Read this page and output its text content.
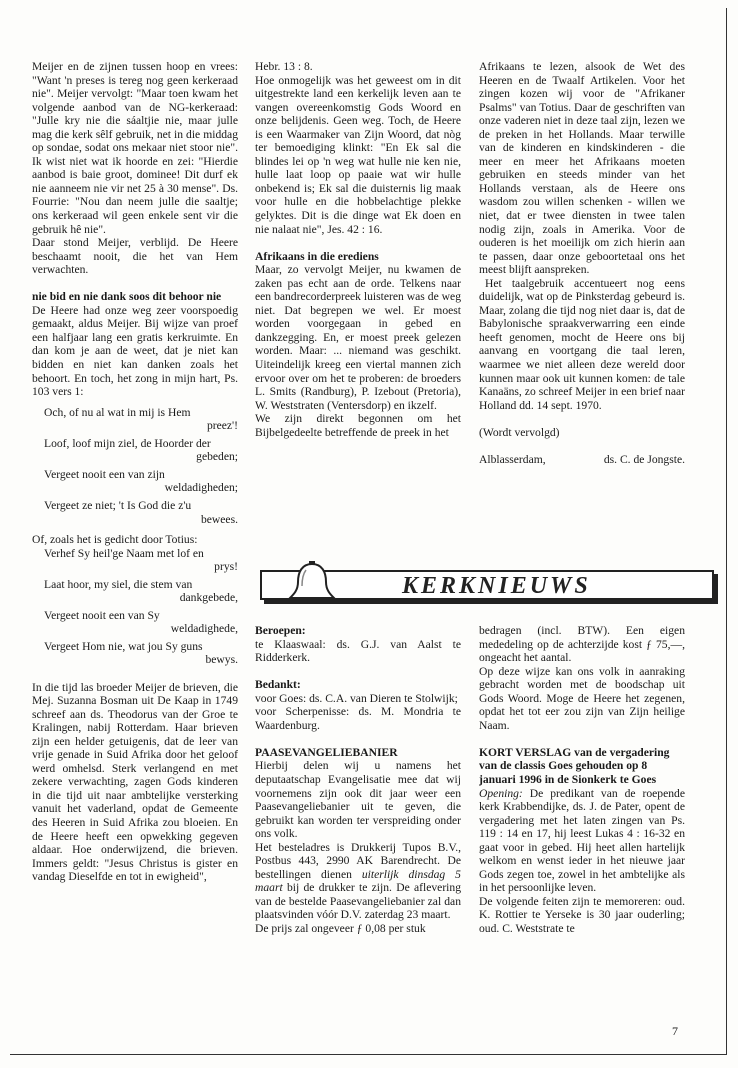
Meijer en de zijnen tussen hoop en vrees: "Want 'n preses is tereg nog geen kerkeraad nie". Meijer vervolgt: "Maar toen kwam het volgende aanbod van de NG-kerkeraad: "Julle kry nie die sáaltjie nie, maar julle mag die kerk sêlf gebruik, net in die middag op sondae, sodat ons mekaar niet stoor nie". Ik wist niet wat ik hoorde en zei: "Hierdie aanbod is baie groot, dominee! Dit durf ek nie aanneem nie vir net 25 à 30 mense". Ds. Fourrie: "Nou dan neem julle die saaltje; ons kerkeraad wil geen enkele sent vir die gebruik hê nie".

Daar stond Meijer, verblijd. De Heere beschaamt nooit, die het van Hem verwachten.

nie bid en nie dank soos dit behoor nie

De Heere had onze weg zeer voorspoedig gemaakt, aldus Meijer. Bij wijze van proef een halfjaar lang een gratis kerkruimte. En dan kom je aan de weet, dat je niet kan bidden en niet kan danken zoals het behoort. En toch, het zong in mijn hart, Ps. 103 vers 1:

Och, of nu al wat in mij is Hem
preez'!
Loof, loof mijn ziel, de Hoorder der
gebeden;
Vergeet nooit een van zijn
weldadigheden;
Vergeet ze niet; 't Is God die z'u
bewees.

Of, zoals het is gedicht door Totius:

Verhef Sy heil'ge Naam met lof en
prys!
Laat hoor, my siel, die stem van
dankgebede,
Vergeet nooit een van Sy
weldadighede,
Vergeet Hom nie, wat jou Sy guns
bewys.

In die tijd las broeder Meijer de brieven, die Mej. Suzanna Bosman uit De Kaap in 1749 schreef aan ds. Theodorus van der Groe te Kralingen, nabij Rotterdam. Haar brieven zijn een helder getuigenis, dat de leer van vrije genade in Suid Afrika door het geloof werd omhelsd. Sterk verlangend en met zekere verwachting, zagen Gods kinderen in die tijd uit naar ambtelijke versterking vanuit het vaderland, opdat de Gemeente des Heeren in Suid Afrika zou bloeien. En de Heere heeft een opwekking gegeven aldaar. Hoe onderwijzend, die brieven. Immers geldt: "Jesus Christus is gister en vandag Dieselfde en tot in ewigheid",

Hebr. 13 : 8.

Hoe onmogelijk was het geweest om in dit uitgestrekte land een kerkelijk leven aan te vangen overeenkomstig Gods Woord en onze belijdenis. Geen weg. Toch, de Heere is een Waarmaker van Zijn Woord, dat nòg ter bemoediging klinkt: "En Ek sal die blindes lei op 'n weg wat hulle nie ken nie, hulle laat loop op paaie wat wir hulle onbekend is; Ek sal die duisternis lig maak voor hulle en die hobbelachtige plekke gelyktes. Dit is die dinge wat Ek doen en nie nalaat nie", Jes. 42 : 16.

Afrikaans in die erediens

Maar, zo vervolgt Meijer, nu kwamen de zaken pas echt aan de orde. Telkens naar een bandrecorderpreek luisteren was de weg niet. Dat begrepen we wel. Er moest worden voorgegaan in gebed en dankzegging. En, er moest preek gelezen worden. Maar: ... niemand was geschikt. Uiteindelijk kreeg een viertal mannen zich ervoor over om het te proberen: de broeders L. Smits (Randburg), P. Izebout (Pretoria), W. Weststraten (Ventersdorp) en ikzelf.

We zijn direkt begonnen om het Bijbelgedeelte betreffende de preek in het

Afrikaans te lezen, alsook de Wet des Heeren en de Twaalf Artikelen. Voor het zingen kozen wij voor de "Afrikaner Psalms" van Totius. Daar de geschriften van onze vaderen niet in deze taal zijn, lezen we de preken in het Hollands. Maar terwille van de kinderen en kindskinderen - die meer en meer het Afrikaans moeten gebruiken en steeds minder van het Hollands verstaan, als de Heere ons wasdom zou willen schenken - willen we niet, dat er twee diensten in twee talen nodig zijn, zoals in Amerika. Voor de ouderen is het moeilijk om zich hierin aan te passen, daar onze geboortetaal ons het meest blijft aanspreken.

Het taalgebruik accentueert nog eens duidelijk, wat op de Pinksterdag gebeurd is. Maar, zolang die tijd nog niet daar is, dat de Babylonische spraakverwarring een einde heeft genomen, mocht de Heere ons bij aanvang en voortgang die taal leren, waarmee we niet alleen deze wereld door kunnen maar ook uit kunnen komen: de tale Kanaäns, zo schreef Meijer in een brief naar Holland dd. 14 sept. 1970.

(Wordt vervolgd)

Alblasserdam,	ds. C. de Jongste.
KERKNIEUWS
Beroepen:

te Klaaswaal: ds. G.J. van Aalst te Ridderkerk.

Bedankt:

voor Goes: ds. C.A. van Dieren te Stolwijk;

voor Scherpenisse: ds. M. Mondria te Waardenburg.

PAASEVANGELIEBANIER

Hierbij delen wij u namens het deputaatschap Evangelisatie mee dat wij voornemens zijn ook dit jaar weer een Paasevangeliebanier uit te geven, die gebruikt kan worden ter verspreiding onder ons volk.

Het besteladres is Drukkerij Tupos B.V., Postbus 443, 2990 AK Barendrecht. De bestellingen dienen uiterlijk dinsdag 5 maart bij de drukker te zijn. De aflevering van de bestelde Paasevangeliebanier zal dan plaatsvinden vóór D.V. zaterdag 23 maart.

De prijs zal ongeveer ƒ 0,08 per stuk

bedragen (incl. BTW). Een eigen mededeling op de achterzijde kost ƒ 75,—, ongeacht het aantal.

Op deze wijze kan ons volk in aanraking gebracht worden met de boodschap uit Gods Woord. Moge de Heere het zegenen, opdat het tot eer zou zijn van Zijn heilige Naam.

KORT VERSLAG van de vergadering van de classis Goes gehouden op 8 januari 1996 in de Sionkerk te Goes

Opening: De predikant van de roepende kerk Krabbendijke, ds. J. de Pater, opent de vergadering met het laten zingen van Ps. 119 : 14 en 17, hij leest Lukas 4 : 16-32 en gaat voor in gebed. Hij heet allen hartelijk welkom en wenst ieder in het nieuwe jaar Gods zegen toe, zowel in het ambtelijke als in het persoonlijke leven.

De volgende feiten zijn te memoreren: oud. K. Rottier te Yerseke is 30 jaar ouderling; oud. C. Weststrate te

7
